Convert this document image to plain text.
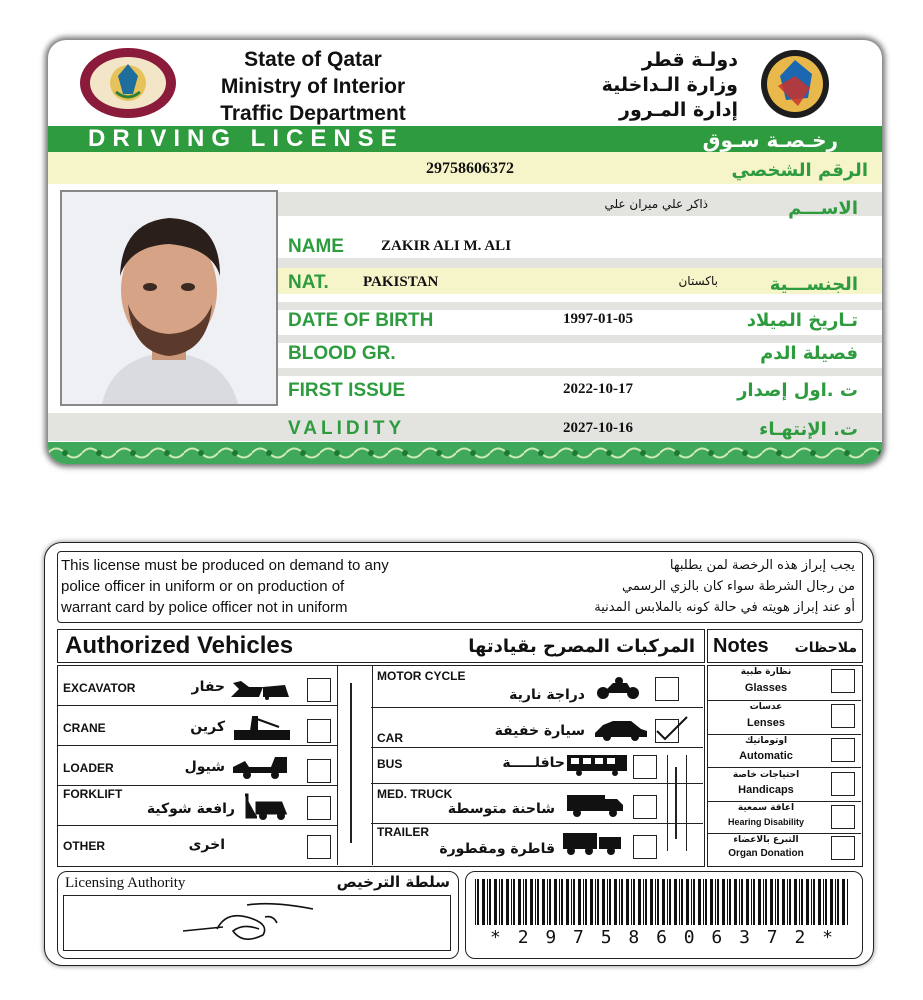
State of Qatar
Ministry of Interior
Traffic Department
دولـة قطر
وزارة الـداخلية
إدارة المـرور
DRIVING LICENSE	رخـصـة سـوق
29758606372	الرقم الشخصي
ذاكر علي ميران علي	الاســـم
NAME ZAKIR ALI M. ALI
NAT. PAKISTAN	باكستان	الجنســـية
DATE OF BIRTH	1997-01-05	تـاريخ الميلاد
BLOOD GR.	فصيلة الدم
FIRST ISSUE	2022-10-17	ت .اول إصدار
VALIDITY	2027-10-16	ت. الإنتهـاء
This license must be produced on demand to any
police officer in uniform or on production of
warrant card by police officer not in uniform
يجب إبراز هذه الرخصة لمن يطلبها
من رجال الشرطة سواء كان بالزي الرسمي
أو عند إبراز هويته في حالة كونه بالملابس المدنية
Authorized Vehicles	المركبات المصرح بقيادتها Notes	ملاحظات
EXCAVATOR	حفار
CRANE	كرين
LOADER	شيول
FORKLIFT
رافعة شوكية
OTHER	اخرى
MOTOR CYCLE
دراجة نارية
CAR	سيارة خفيفة
BUS	حافلـــــة
MED. TRUCK
شاحنة متوسطة
TRAILER
قاطرة ومقطورة
نظارة طبية
Glasses
عدسات
Lenses
اوتوماتيك
Automatic
احتياجات خاصة
Handicaps
اعاقة سمعية
Hearing Disability
التبرع بالاعضاء
Organ Donation
Licensing Authority	سلطة الترخيص
* 2 9 7 5 8 6 0 6 3 7 2 *
